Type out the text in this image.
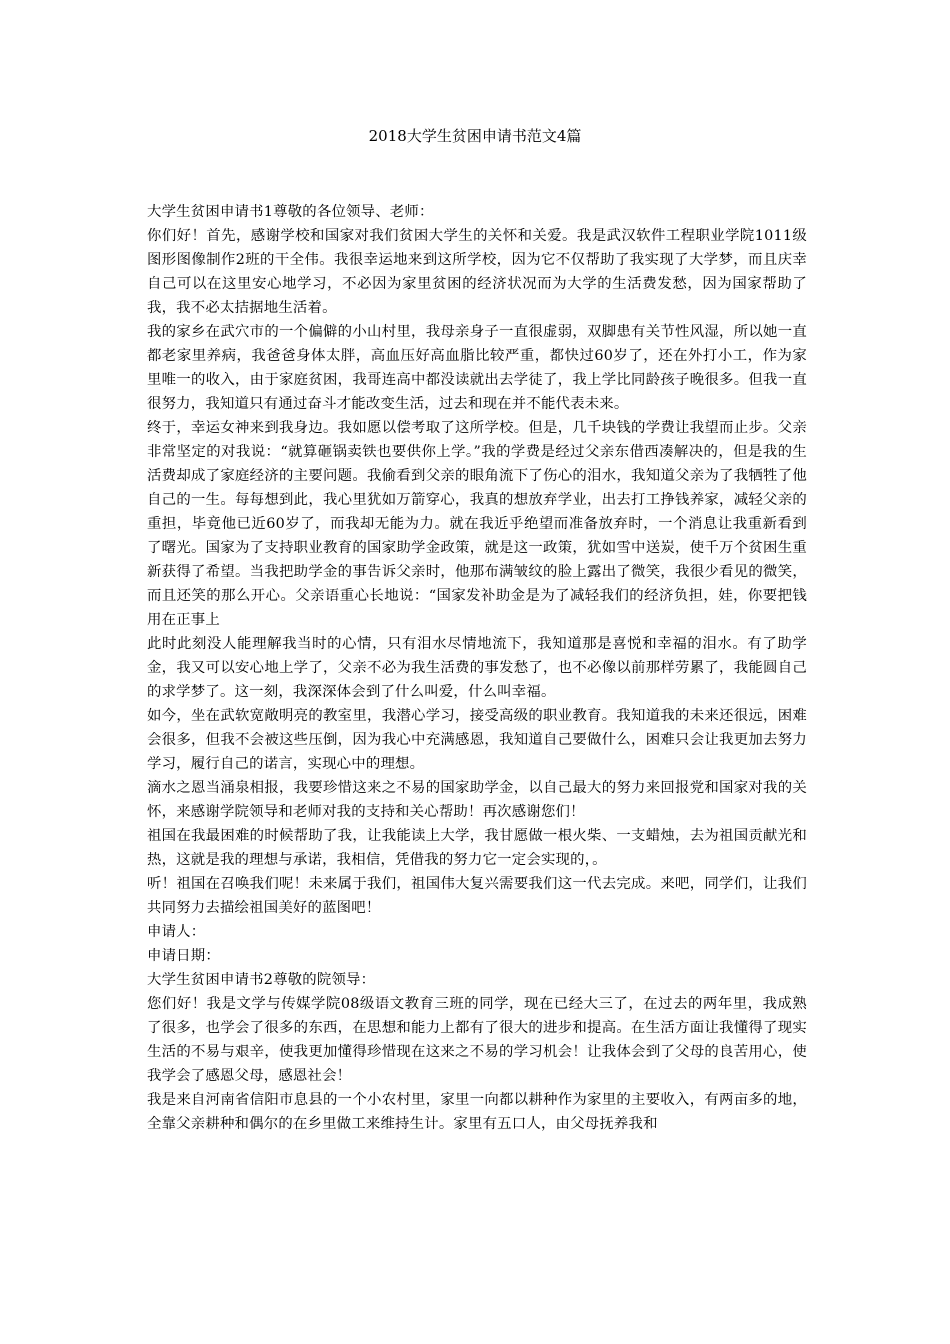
2018大学生贫困申请书范文4篇

大学生贫困申请书1尊敬的各位领导、老师：

你们好！首先，感谢学校和国家对我们贫困大学生的关怀和关爱。我是武汉软件工程职业学院1011级图形图像制作2班的干全伟。我很幸运地来到这所学校，因为它不仅帮助了我实现了大学梦，而且庆幸自己可以在这里安心地学习，不必因为家里贫困的经济状况而为大学的生活费发愁，因为国家帮助了我，我不必太拮据地生活着。

我的家乡在武穴市的一个偏僻的小山村里，我母亲身子一直很虚弱，双脚患有关节性风湿，所以她一直都老家里养病，我爸爸身体太胖，高血压好高血脂比较严重，都快过60岁了，还在外打小工，作为家里唯一的收入，由于家庭贫困，我哥连高中都没读就出去学徒了，我上学比同龄孩子晚很多。但我一直很努力，我知道只有通过奋斗才能改变生活，过去和现在并不能代表未来。

终于，幸运女神来到我身边。我如愿以偿考取了这所学校。但是，几千块钱的学费让我望而止步。父亲非常坚定的对我说：“就算砸锅卖铁也要供你上学。”我的学费是经过父亲东借西凑解决的，但是我的生活费却成了家庭经济的主要问题。我偷看到父亲的眼角流下了伤心的泪水，我知道父亲为了我牺牲了他自己的一生。每每想到此，我心里犹如万箭穿心，我真的想放弃学业，出去打工挣钱养家，减轻父亲的重担，毕竟他已近60岁了，而我却无能为力。就在我近乎绝望而准备放弃时，一个消息让我重新看到了曙光。国家为了支持职业教育的国家助学金政策，就是这一政策，犹如雪中送炭，使千万个贫困生重新获得了希望。当我把助学金的事告诉父亲时，他那布满皱纹的脸上露出了微笑，我很少看见的微笑，而且还笑的那么开心。父亲语重心长地说：“国家发补助金是为了减轻我们的经济负担，娃，你要把钱用在正事上

此时此刻没人能理解我当时的心情，只有泪水尽情地流下，我知道那是喜悦和幸福的泪水。有了助学金，我又可以安心地上学了，父亲不必为我生活费的事发愁了，也不必像以前那样劳累了，我能圆自己的求学梦了。这一刻，我深深体会到了什么叫爱，什么叫幸福。

如今，坐在武软宽敞明亮的教室里，我潜心学习，接受高级的职业教育。我知道我的未来还很远，困难会很多，但我不会被这些压倒，因为我心中充满感恩，我知道自己要做什么，困难只会让我更加去努力学习，履行自己的诺言，实现心中的理想。

滴水之恩当涌泉相报，我要珍惜这来之不易的国家助学金，以自己最大的努力来回报党和国家对我的关怀，来感谢学院领导和老师对我的支持和关心帮助！再次感谢您们！

祖国在我最困难的时候帮助了我，让我能读上大学，我甘愿做一根火柴、一支蜡烛，去为祖国贡献光和热，这就是我的理想与承诺，我相信，凭借我的努力它一定会实现的，。

听！祖国在召唤我们呢！未来属于我们，祖国伟大复兴需要我们这一代去完成。来吧，同学们，让我们共同努力去描绘祖国美好的蓝图吧！

申请人：

申请日期：

大学生贫困申请书2尊敬的院领导：

您们好！我是文学与传媒学院08级语文教育三班的同学，现在已经大三了，在过去的两年里，我成熟了很多，也学会了很多的东西，在思想和能力上都有了很大的进步和提高。在生活方面让我懂得了现实生活的不易与艰辛，使我更加懂得珍惜现在这来之不易的学习机会！让我体会到了父母的良苦用心，使我学会了感恩父母，感恩社会！

我是来自河南省信阳市息县的一个小农村里，家里一向都以耕种作为家里的主要收入，有两亩多的地，全靠父亲耕种和偶尔的在乡里做工来维持生计。家里有五口人，由父母抚养我和
